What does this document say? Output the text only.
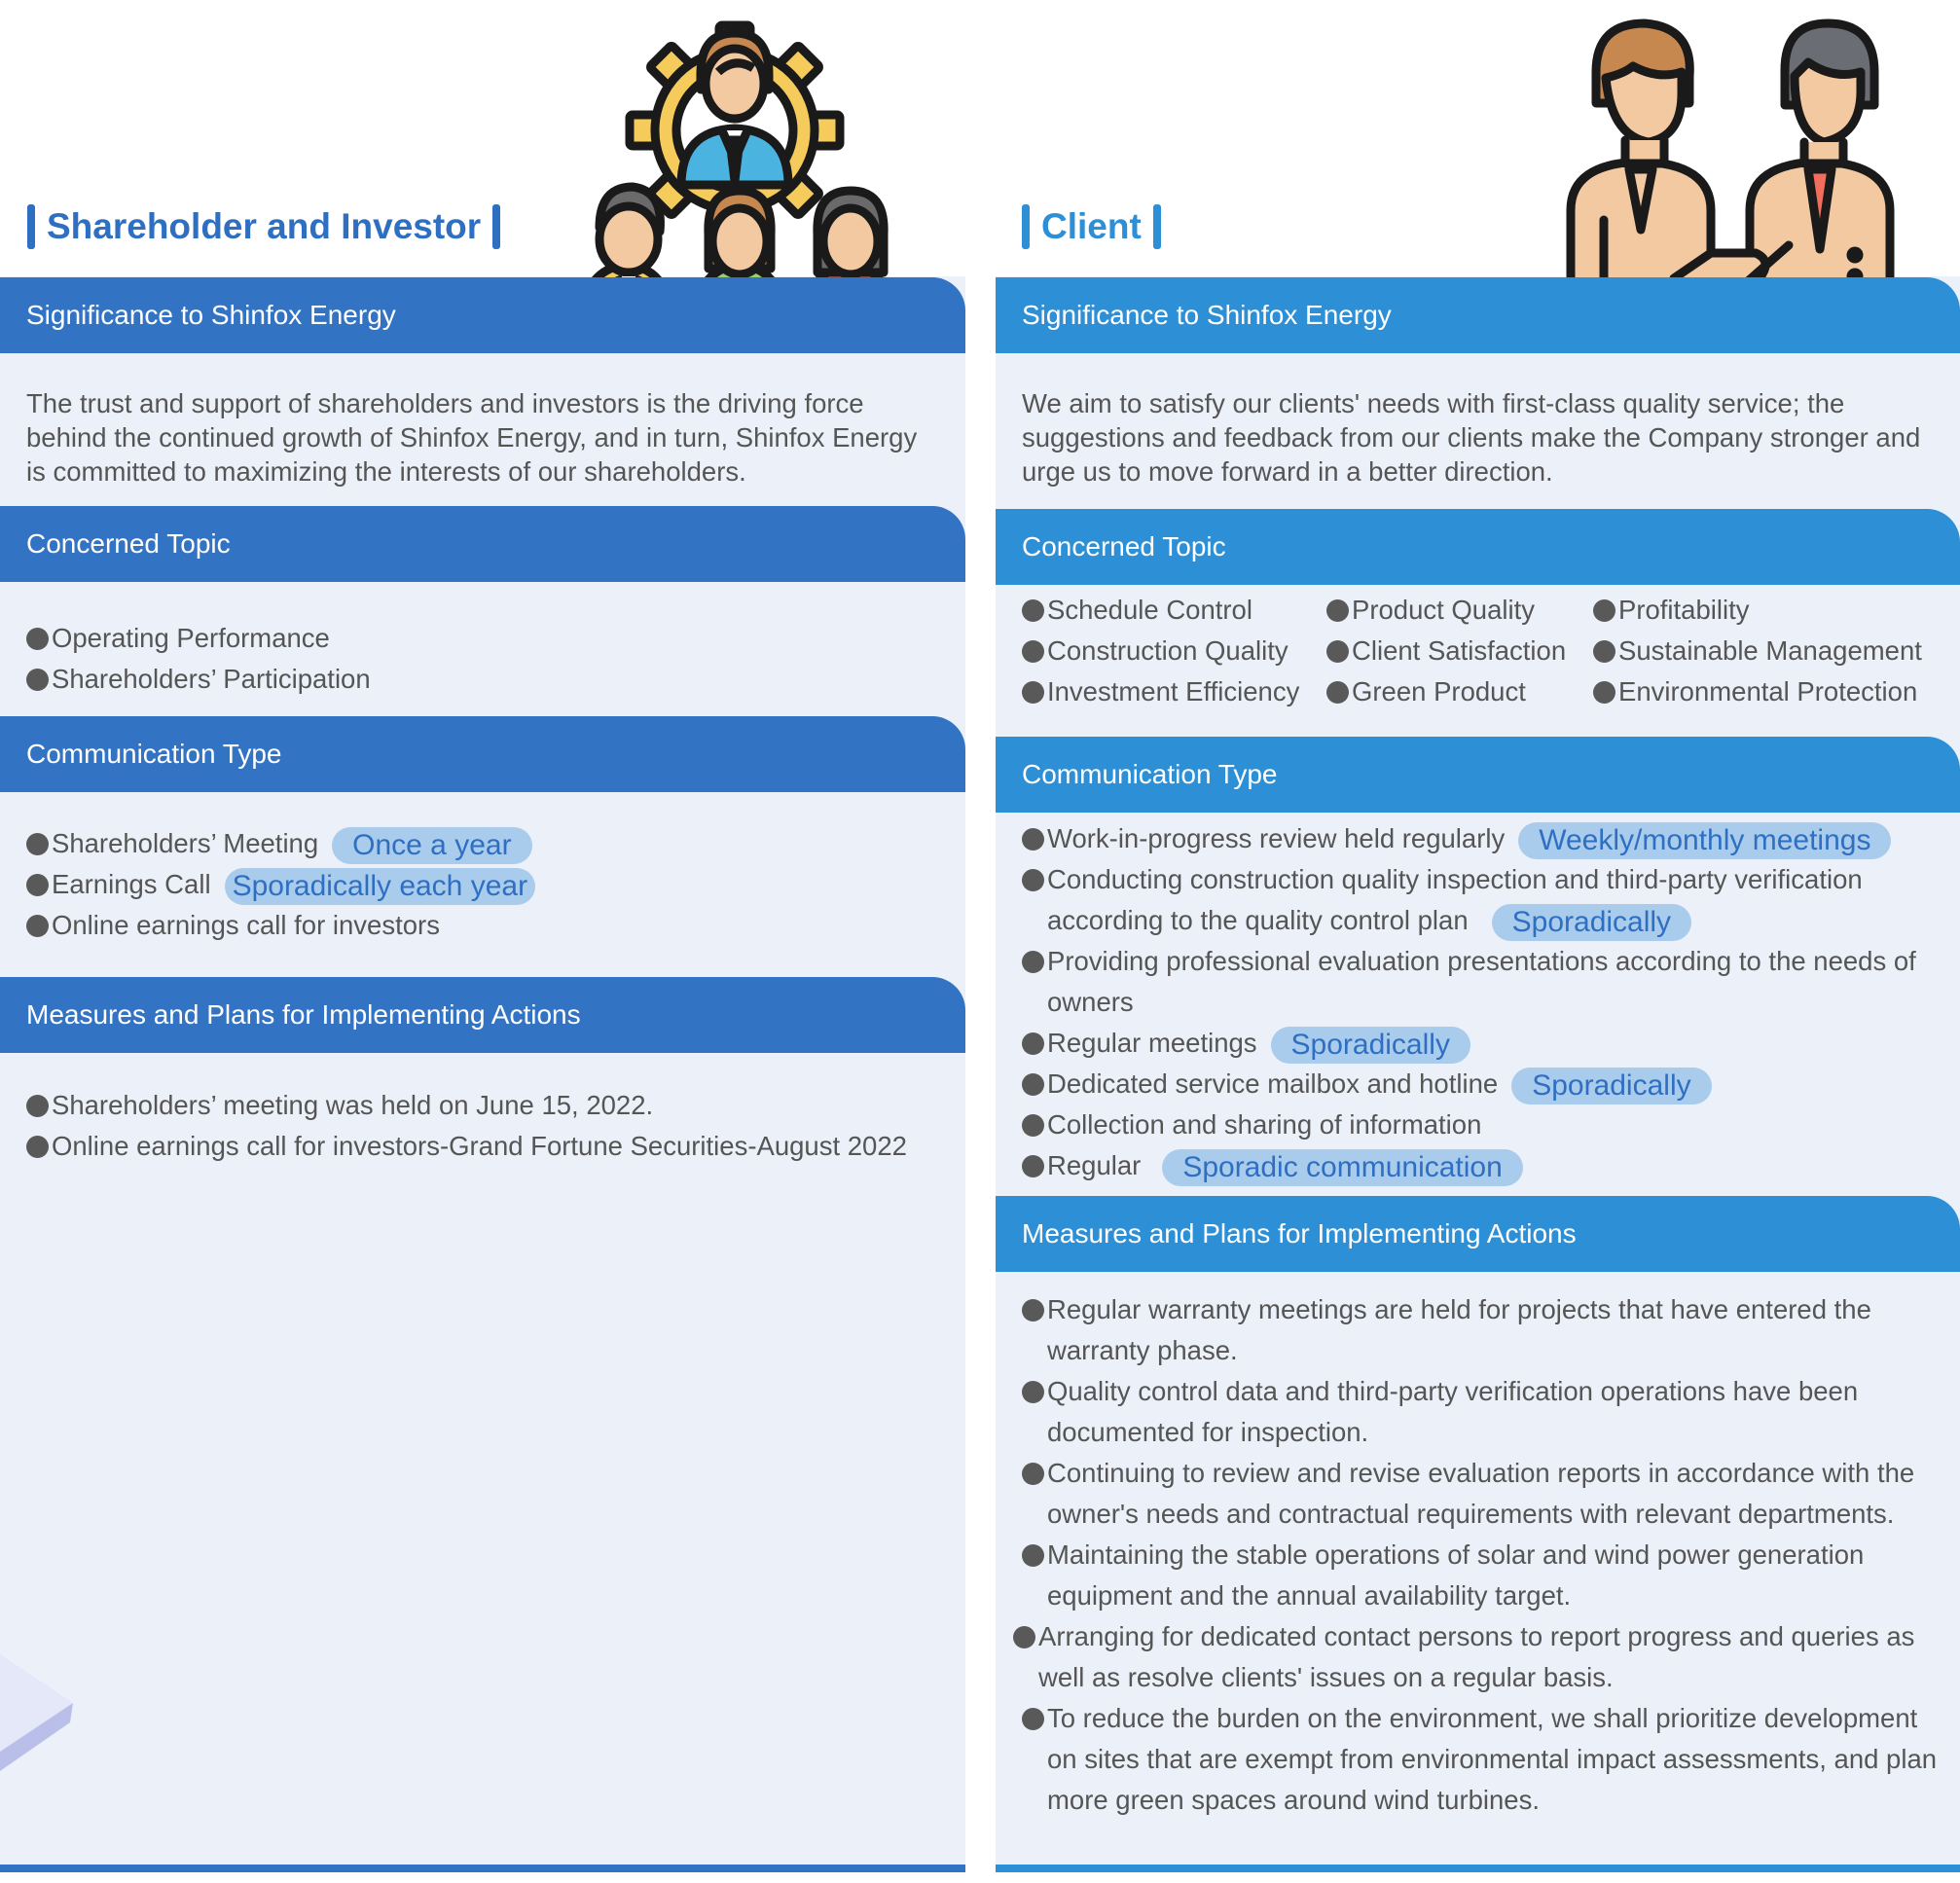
Shareholder and Investor
Significance to Shinfox Energy
The trust and support of shareholders and investors is the driving force behind the continued growth of Shinfox Energy, and in turn, Shinfox Energy is committed to maximizing the interests of our shareholders.
Concerned Topic
Operating Performance
Shareholders’ Participation
Communication Type
Shareholders’ Meeting Once a year
Earnings Call Sporadically each year
Online earnings call for investors
Measures and Plans for Implementing Actions
Shareholders’ meeting was held on June 15, 2022.
Online earnings call for investors-Grand Fortune Securities-August 2022
Client
Significance to Shinfox Energy
We aim to satisfy our clients' needs with first-class quality service; the suggestions and feedback from our clients make the Company stronger and urge us to move forward in a better direction.
Concerned Topic
Schedule Control
Construction Quality
Investment Efficiency
Product Quality
Client Satisfaction
Green Product
Profitability
Sustainable Management
Environmental Protection
Communication Type
Work-in-progress review held regularly Weekly/monthly meetings
Conducting construction quality inspection and third-party verification according to the quality control plan Sporadically
Providing professional evaluation presentations according to the needs of owners
Regular meetings Sporadically
Dedicated service mailbox and hotline Sporadically
Collection and sharing of information
Regular Sporadic communication
Measures and Plans for Implementing Actions
Regular warranty meetings are held for projects that have entered the warranty phase.
Quality control data and third-party verification operations have been documented for inspection.
Continuing to review and revise evaluation reports in accordance with the owner's needs and contractual requirements with relevant departments.
Maintaining the stable operations of solar and wind power generation equipment and the annual availability target.
Arranging for dedicated contact persons to report progress and queries as well as resolve clients' issues on a regular basis.
To reduce the burden on the environment, we shall prioritize development on sites that are exempt from environmental impact assessments, and plan more green spaces around wind turbines.
